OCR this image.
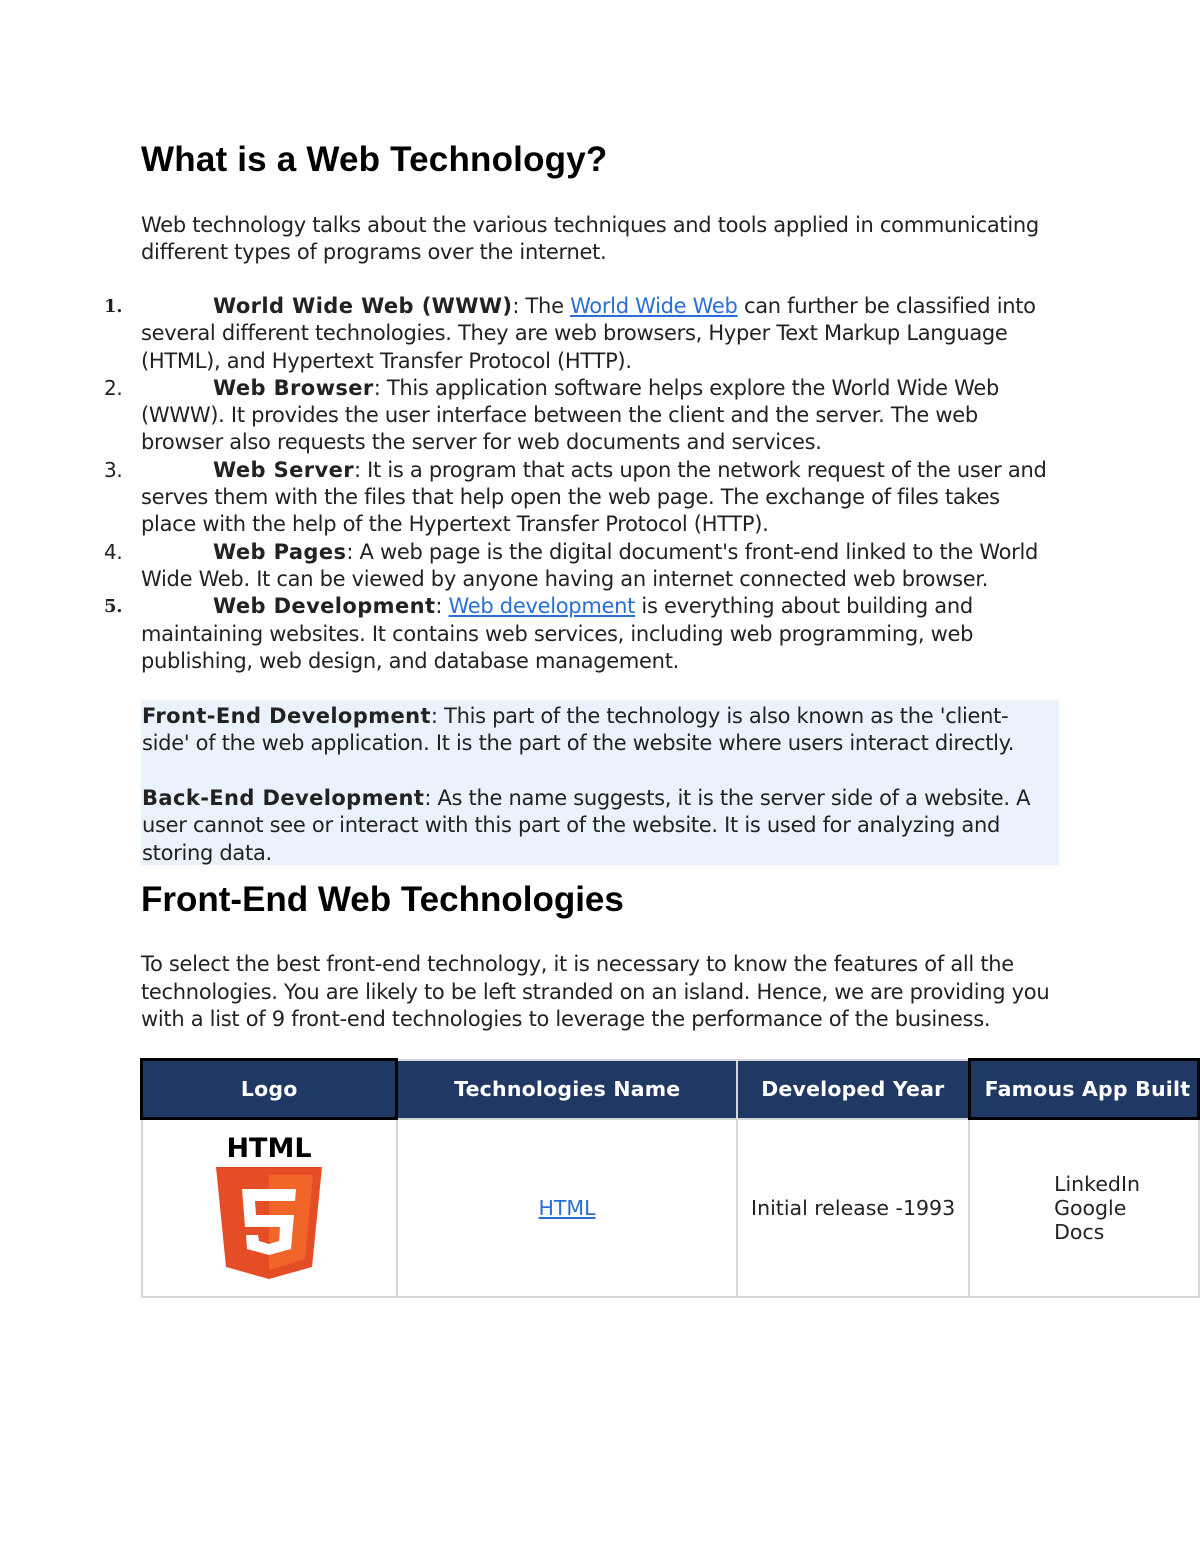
What is a Web Technology?

Web technology talks about the various techniques and tools applied in communicating different types of programs over the internet.

1.	World Wide Web (WWW): The World Wide Web can further be classified into several different technologies. They are web browsers, Hyper Text Markup Language (HTML), and Hypertext Transfer Protocol (HTTP).
2.	Web Browser: This application software helps explore the World Wide Web (WWW). It provides the user interface between the client and the server. The web browser also requests the server for web documents and services.
3.	Web Server: It is a program that acts upon the network request of the user and serves them with the files that help open the web page. The exchange of files takes place with the help of the Hypertext Transfer Protocol (HTTP).
4.	Web Pages: A web page is the digital document's front-end linked to the World Wide Web. It can be viewed by anyone having an internet connected web browser.
5.	Web Development: Web development is everything about building and maintaining websites. It contains web services, including web programming, web publishing, web design, and database management.

Front-End Development: This part of the technology is also known as the 'client-side' of the web application. It is the part of the website where users interact directly.

Back-End Development: As the name suggests, it is the server side of a website. A user cannot see or interact with this part of the website. It is used for analyzing and storing data.

Front-End Web Technologies

To select the best front-end technology, it is necessary to know the features of all the technologies. You are likely to be left stranded on an island. Hence, we are providing you with a list of 9 front-end technologies to leverage the performance of the business.

Logo	Technologies Name	Developed Year	Famous App Built

HTML	HTML	Initial release -1993	LinkedIn
Google
Docs
